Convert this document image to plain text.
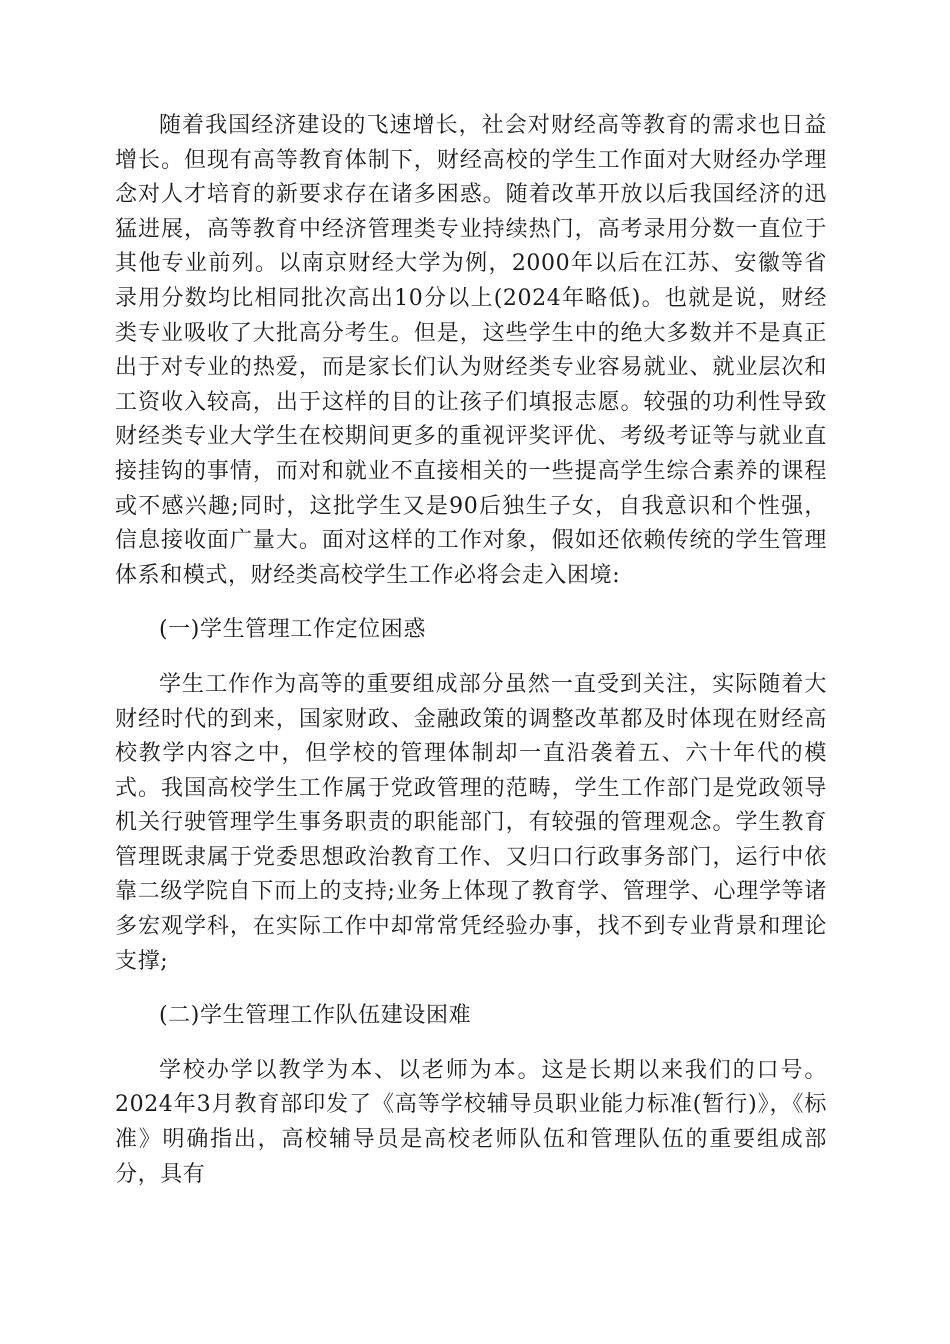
随着我国经济建设的飞速增长，社会对财经高等教育的需求也日益增长。但现有高等教育体制下，财经高校的学生工作面对大财经办学理念对人才培育的新要求存在诸多困惑。随着改革开放以后我国经济的迅猛进展，高等教育中经济管理类专业持续热门，高考录用分数一直位于其他专业前列。以南京财经大学为例，2000年以后在江苏、安徽等省录用分数均比相同批次高出10分以上(2024年略低)。也就是说，财经类专业吸收了大批高分考生。但是，这些学生中的绝大多数并不是真正出于对专业的热爱，而是家长们认为财经类专业容易就业、就业层次和工资收入较高，出于这样的目的让孩子们填报志愿。较强的功利性导致财经类专业大学生在校期间更多的重视评奖评优、考级考证等与就业直接挂钩的事情，而对和就业不直接相关的一些提高学生综合素养的课程或不感兴趣;同时，这批学生又是90后独生子女，自我意识和个性强，信息接收面广量大。面对这样的工作对象，假如还依赖传统的学生管理体系和模式，财经类高校学生工作必将会走入困境:

(一)学生管理工作定位困惑

学生工作作为高等的重要组成部分虽然一直受到关注，实际随着大财经时代的到来，国家财政、金融政策的调整改革都及时体现在财经高校教学内容之中，但学校的管理体制却一直沿袭着五、六十年代的模式。我国高校学生工作属于党政管理的范畴，学生工作部门是党政领导机关行驶管理学生事务职责的职能部门，有较强的管理观念。学生教育管理既隶属于党委思想政治教育工作、又归口行政事务部门，运行中依靠二级学院自下而上的支持;业务上体现了教育学、管理学、心理学等诸多宏观学科，在实际工作中却常常凭经验办事，找不到专业背景和理论支撑;

(二)学生管理工作队伍建设困难

学校办学以教学为本、以老师为本。这是长期以来我们的口号。2024年3月教育部印发了《高等学校辅导员职业能力标准(暂行)》，《标准》明确指出，高校辅导员是高校老师队伍和管理队伍的重要组成部分，具有
